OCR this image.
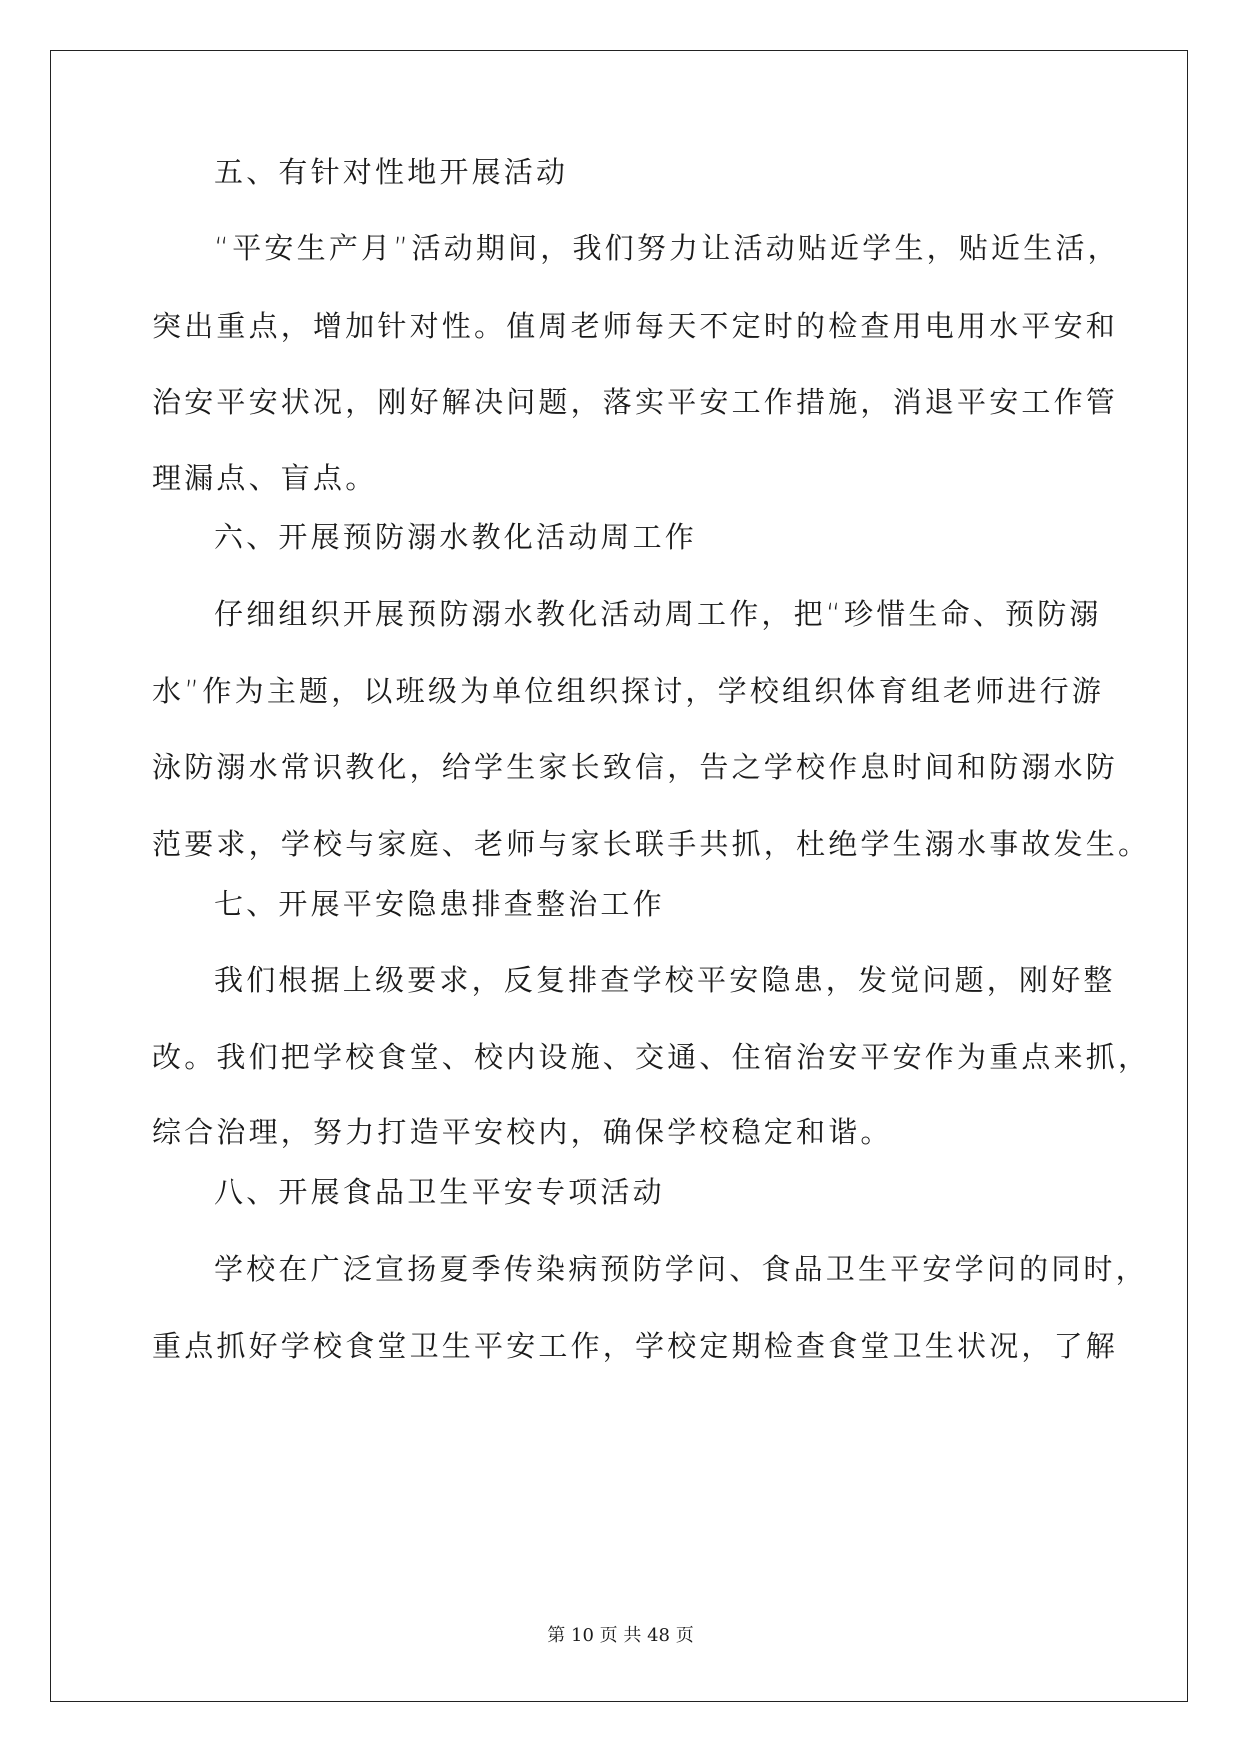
五、有针对性地开展活动
“平安生产月”活动期间，我们努力让活动贴近学生，贴近生活，
突出重点，增加针对性。值周老师每天不定时的检查用电用水平安和
治安平安状况，刚好解决问题，落实平安工作措施，消退平安工作管
理漏点、盲点。
六、开展预防溺水教化活动周工作
仔细组织开展预防溺水教化活动周工作，把“珍惜生命、预防溺
水”作为主题，以班级为单位组织探讨，学校组织体育组老师进行游
泳防溺水常识教化，给学生家长致信，告之学校作息时间和防溺水防
范要求，学校与家庭、老师与家长联手共抓，杜绝学生溺水事故发生。
七、开展平安隐患排查整治工作
我们根据上级要求，反复排查学校平安隐患，发觉问题，刚好整
改。我们把学校食堂、校内设施、交通、住宿治安平安作为重点来抓，
综合治理，努力打造平安校内，确保学校稳定和谐。
八、开展食品卫生平安专项活动
学校在广泛宣扬夏季传染病预防学问、食品卫生平安学问的同时，
重点抓好学校食堂卫生平安工作，学校定期检查食堂卫生状况，了解
第 10 页 共 48 页
